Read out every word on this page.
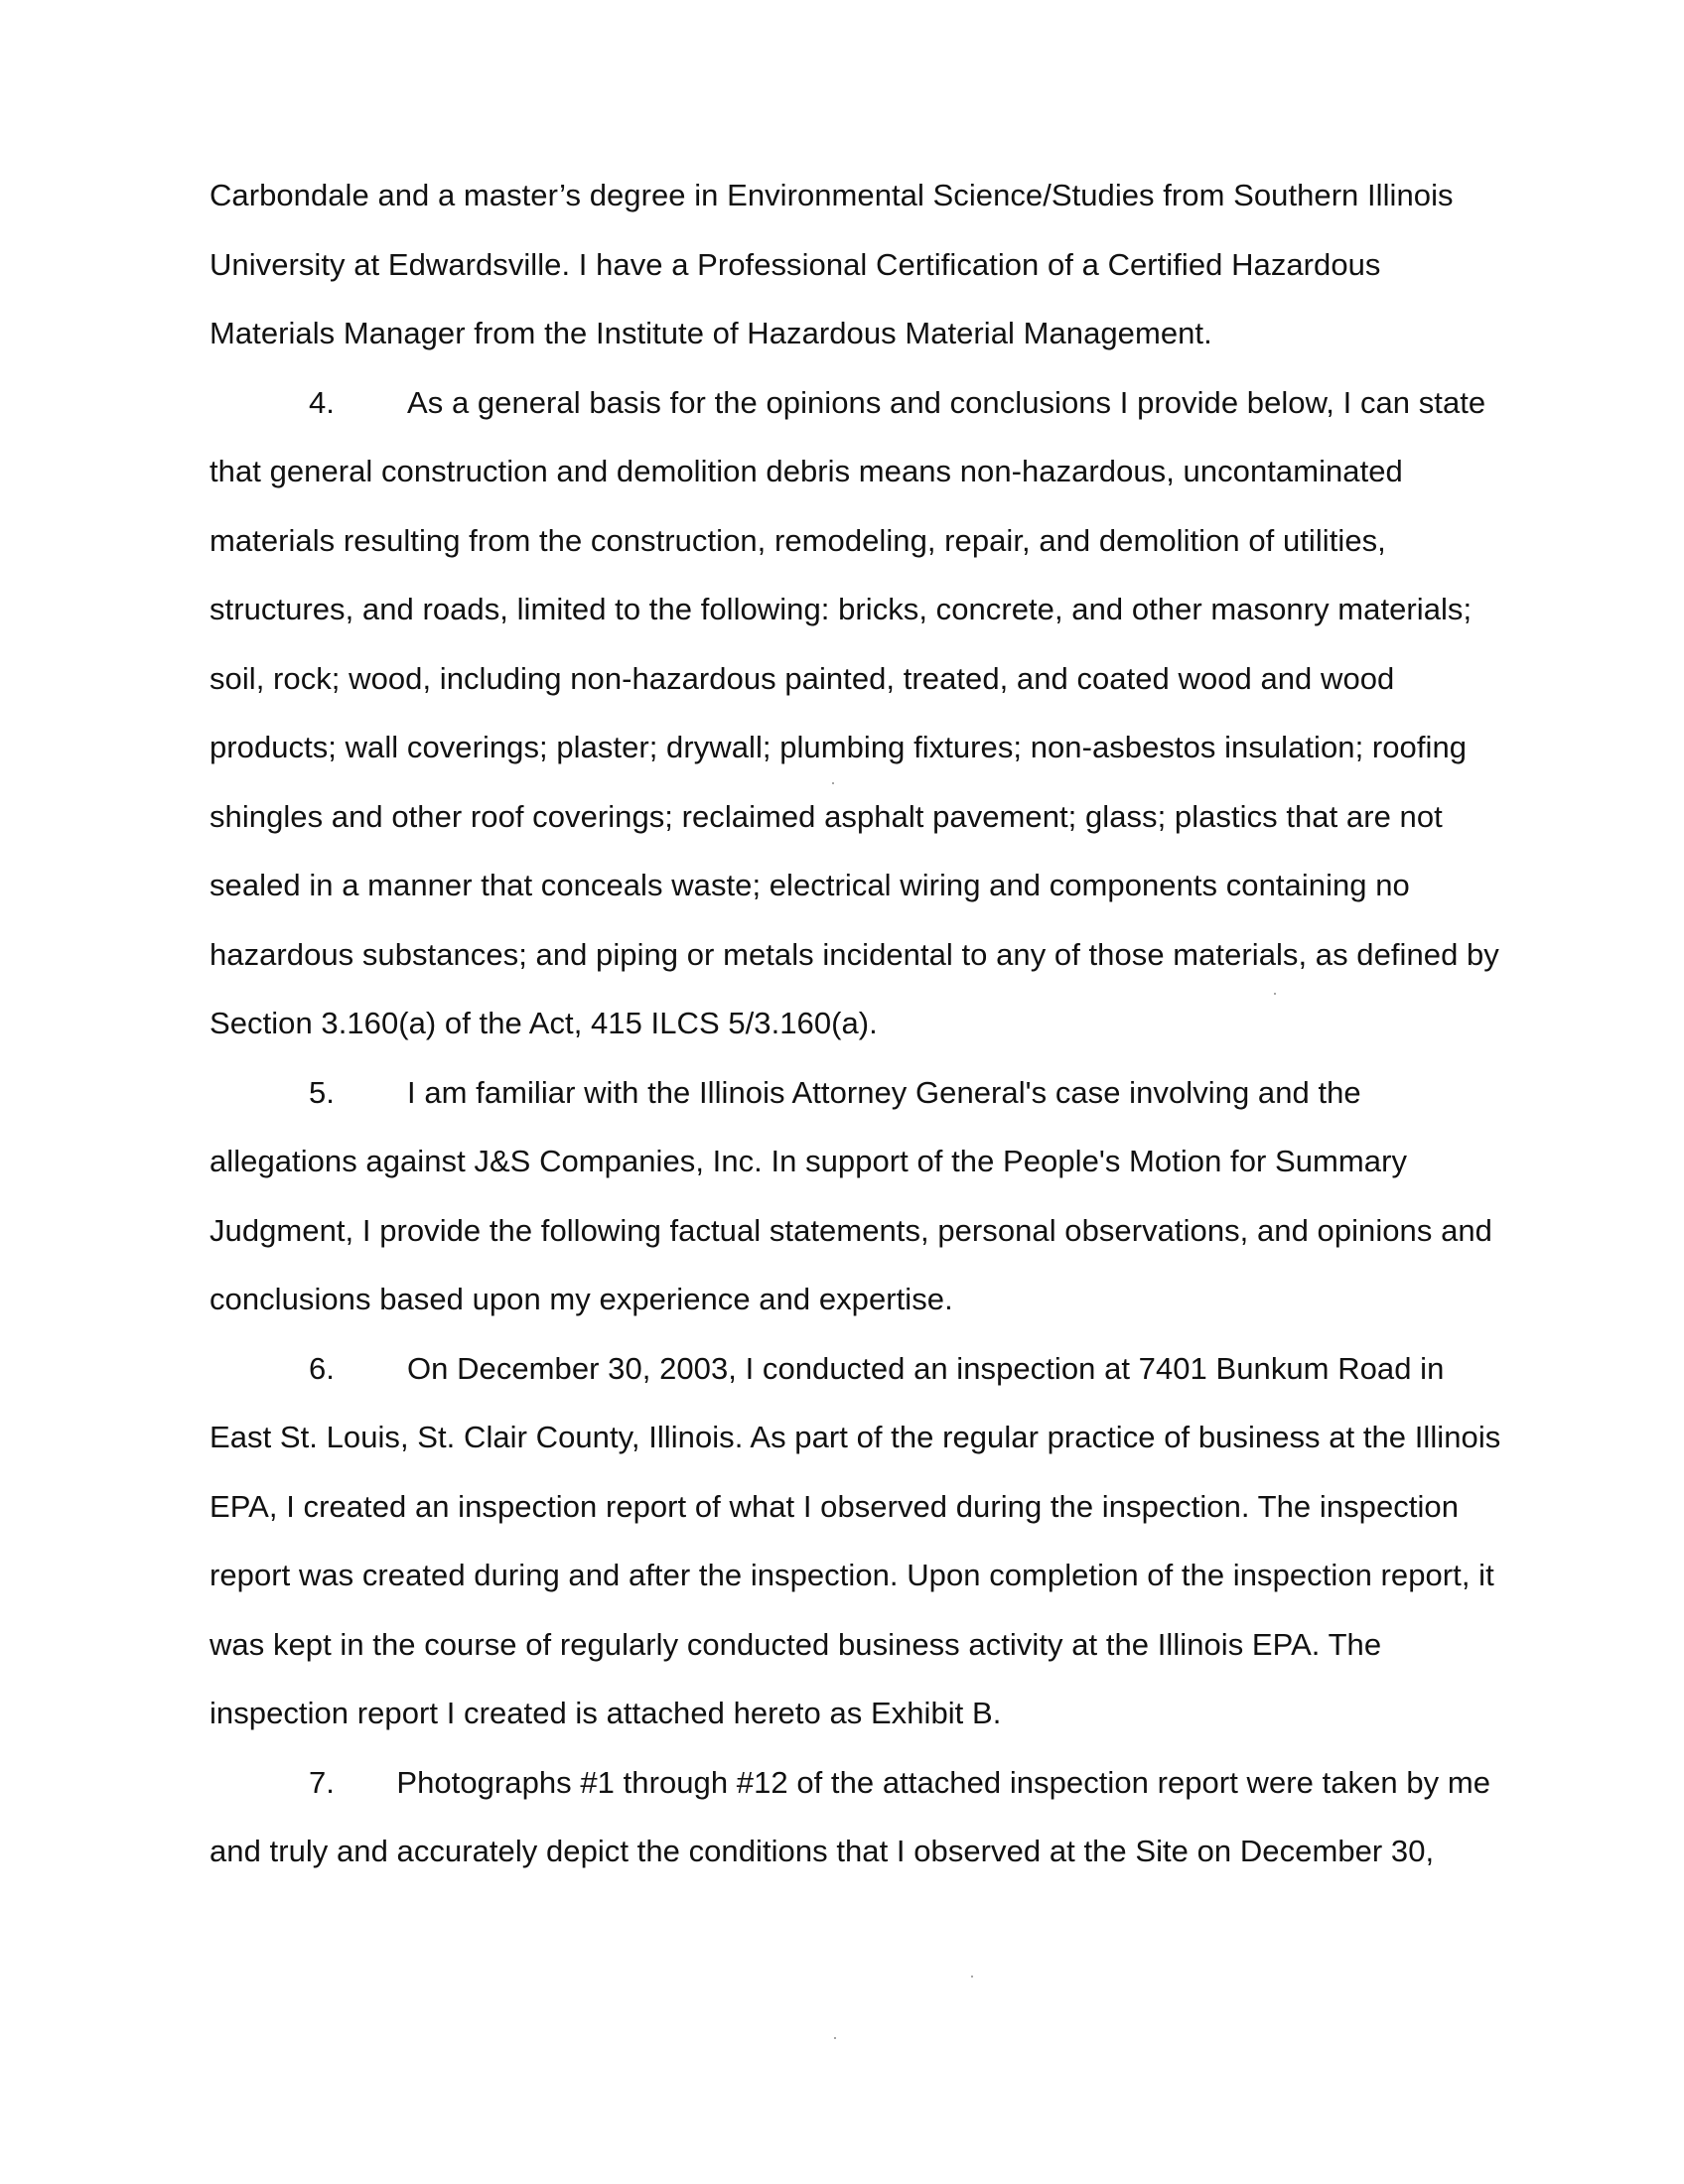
Carbondale and a master’s degree in Environmental Science/Studies from Southern Illinois
University at Edwardsville. I have a Professional Certification of a Certified Hazardous
Materials Manager from the Institute of Hazardous Material Management.
4.	As a general basis for the opinions and conclusions I provide below, I can state
that general construction and demolition debris means non-hazardous, uncontaminated
materials resulting from the construction, remodeling, repair, and demolition of utilities,
structures, and roads, limited to the following: bricks, concrete, and other masonry materials;
soil, rock; wood, including non-hazardous painted, treated, and coated wood and wood
products; wall coverings; plaster; drywall; plumbing fixtures; non-asbestos insulation; roofing
shingles and other roof coverings; reclaimed asphalt pavement; glass; plastics that are not
sealed in a manner that conceals waste; electrical wiring and components containing no
hazardous substances; and piping or metals incidental to any of those materials, as defined by
Section 3.160(a) of the Act, 415 ILCS 5/3.160(a).
5.	I am familiar with the Illinois Attorney General's case involving and the
allegations against J&S Companies, Inc. In support of the People's Motion for Summary
Judgment, I provide the following factual statements, personal observations, and opinions and
conclusions based upon my experience and expertise.
6.	On December 30, 2003, I conducted an inspection at 7401 Bunkum Road in
East St. Louis, St. Clair County, Illinois. As part of the regular practice of business at the Illinois
EPA, I created an inspection report of what I observed during the inspection. The inspection
report was created during and after the inspection. Upon completion of the inspection report, it
was kept in the course of regularly conducted business activity at the Illinois EPA. The
inspection report I created is attached hereto as Exhibit B.
7.	Photographs #1 through #12 of the attached inspection report were taken by me
and truly and accurately depict the conditions that I observed at the Site on December 30,
